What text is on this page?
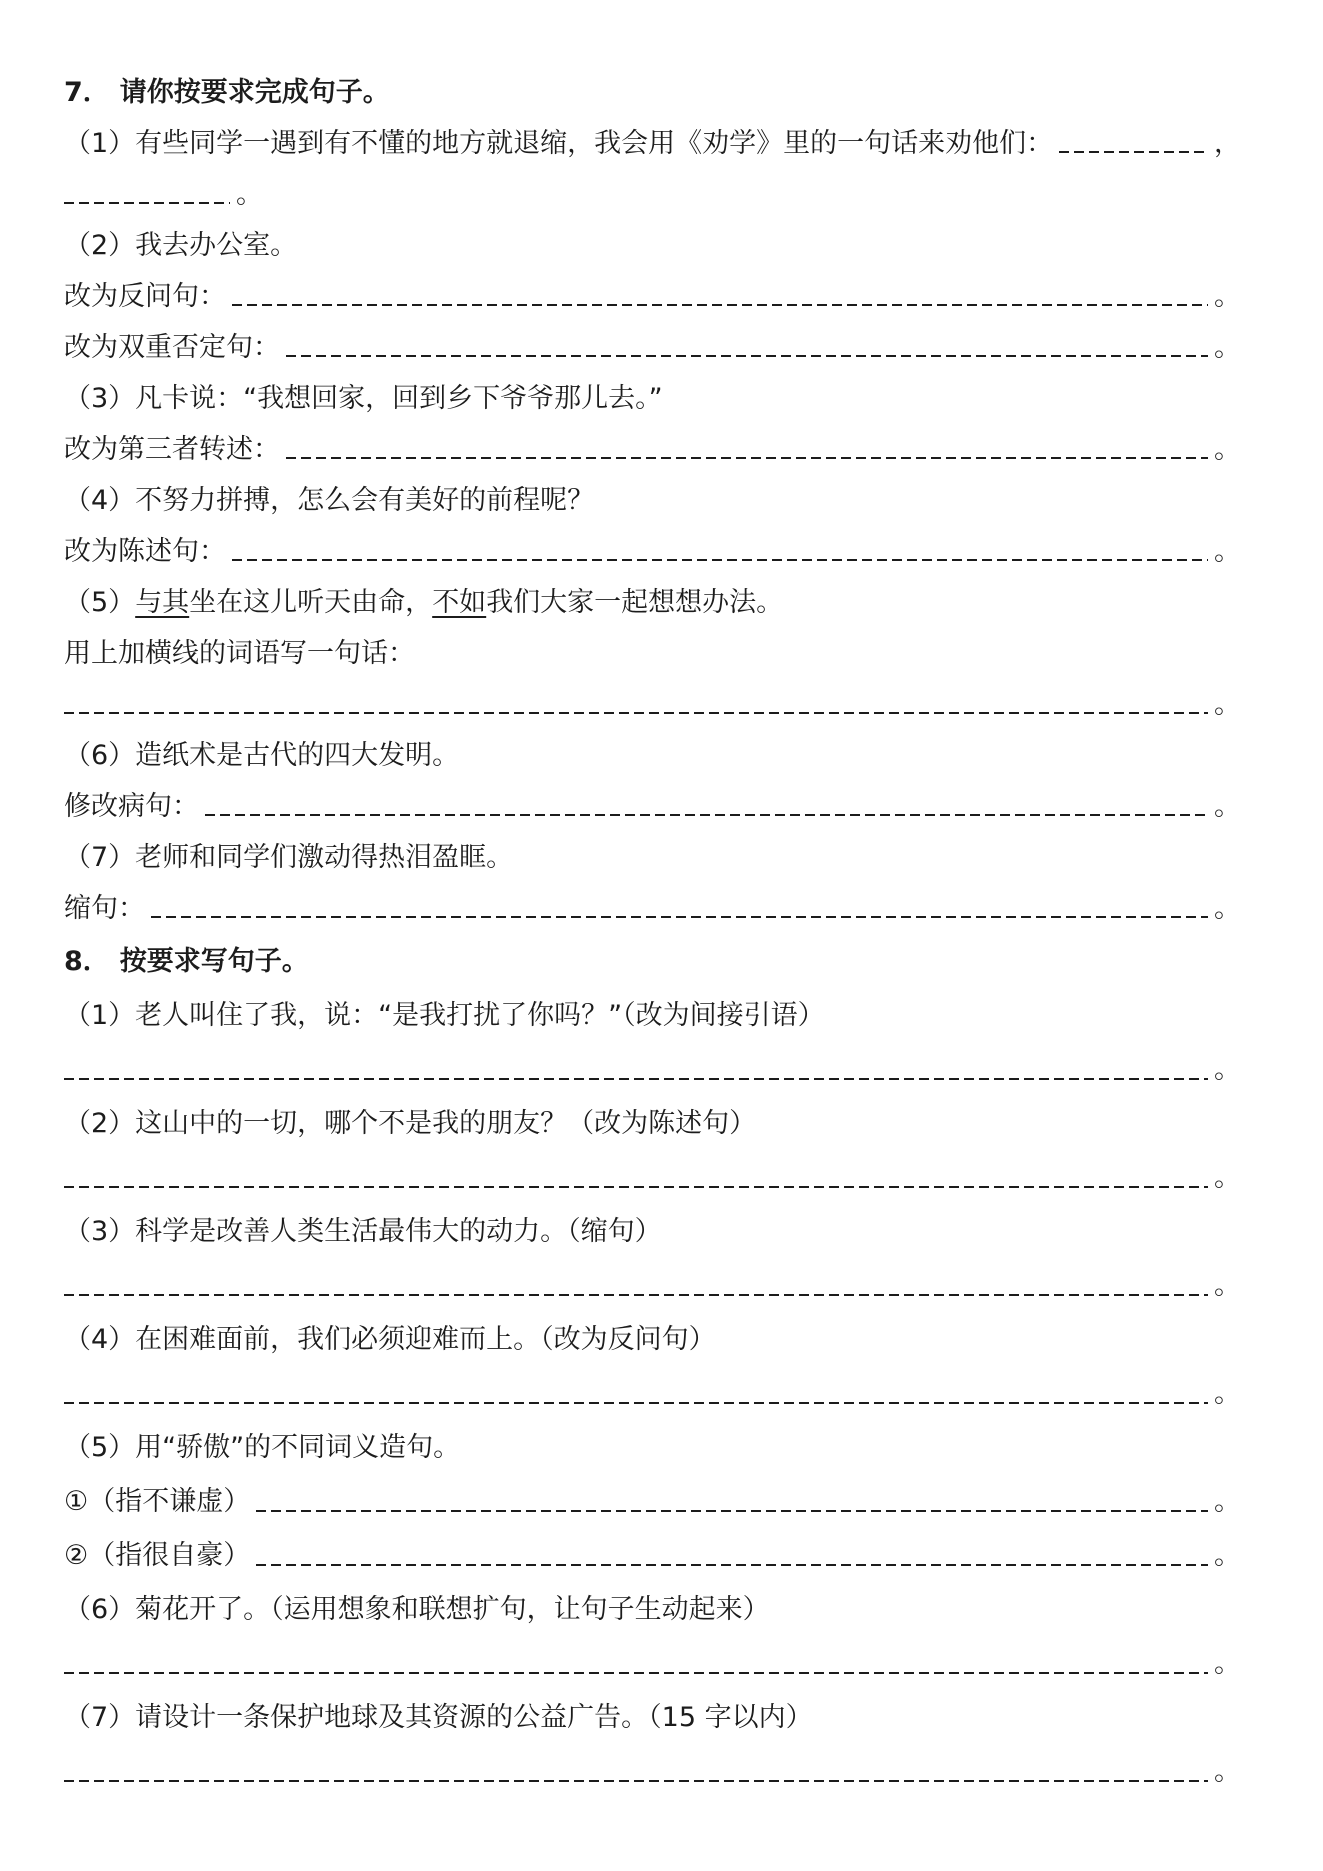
7． 请你按要求完成句子。
（1）有些同学一遇到有不懂的地方就退缩，我会用《劝学》里的一句话来劝他们：	，
。
（2）我去办公室。
改为反问句：	。
改为双重否定句：	。
（3）凡卡说：“我想回家，回到乡下爷爷那儿去。”
改为第三者转述：	。
（4）不努力拼搏，怎么会有美好的前程呢？
改为陈述句：	。
（5） 与其 坐在这儿听天由命， 不如 我们大家一起想想办法。
用上加横线的词语写一句话：
。
（6）造纸术是古代的四大发明。
修改病句：	。
（7）老师和同学们激动得热泪盈眶。
缩句：	。
8． 按要求写句子。
（1）老人叫住了我，说：“是我打扰了你吗？”（改为间接引语）
。
（2）这山中的一切，哪个不是我的朋友？（改为陈述句）
。
（3）科学是改善人类生活最伟大的动力。（缩句）
。
（4）在困难面前，我们必须迎难而上。（改为反问句）
。
（5）用“骄傲”的不同词义造句。
①（指不谦虚）	。
②（指很自豪）	。
（6）菊花开了。（运用想象和联想扩句，让句子生动起来）
。
（7）请设计一条保护地球及其资源的公益广告。（15 字以内）
。
